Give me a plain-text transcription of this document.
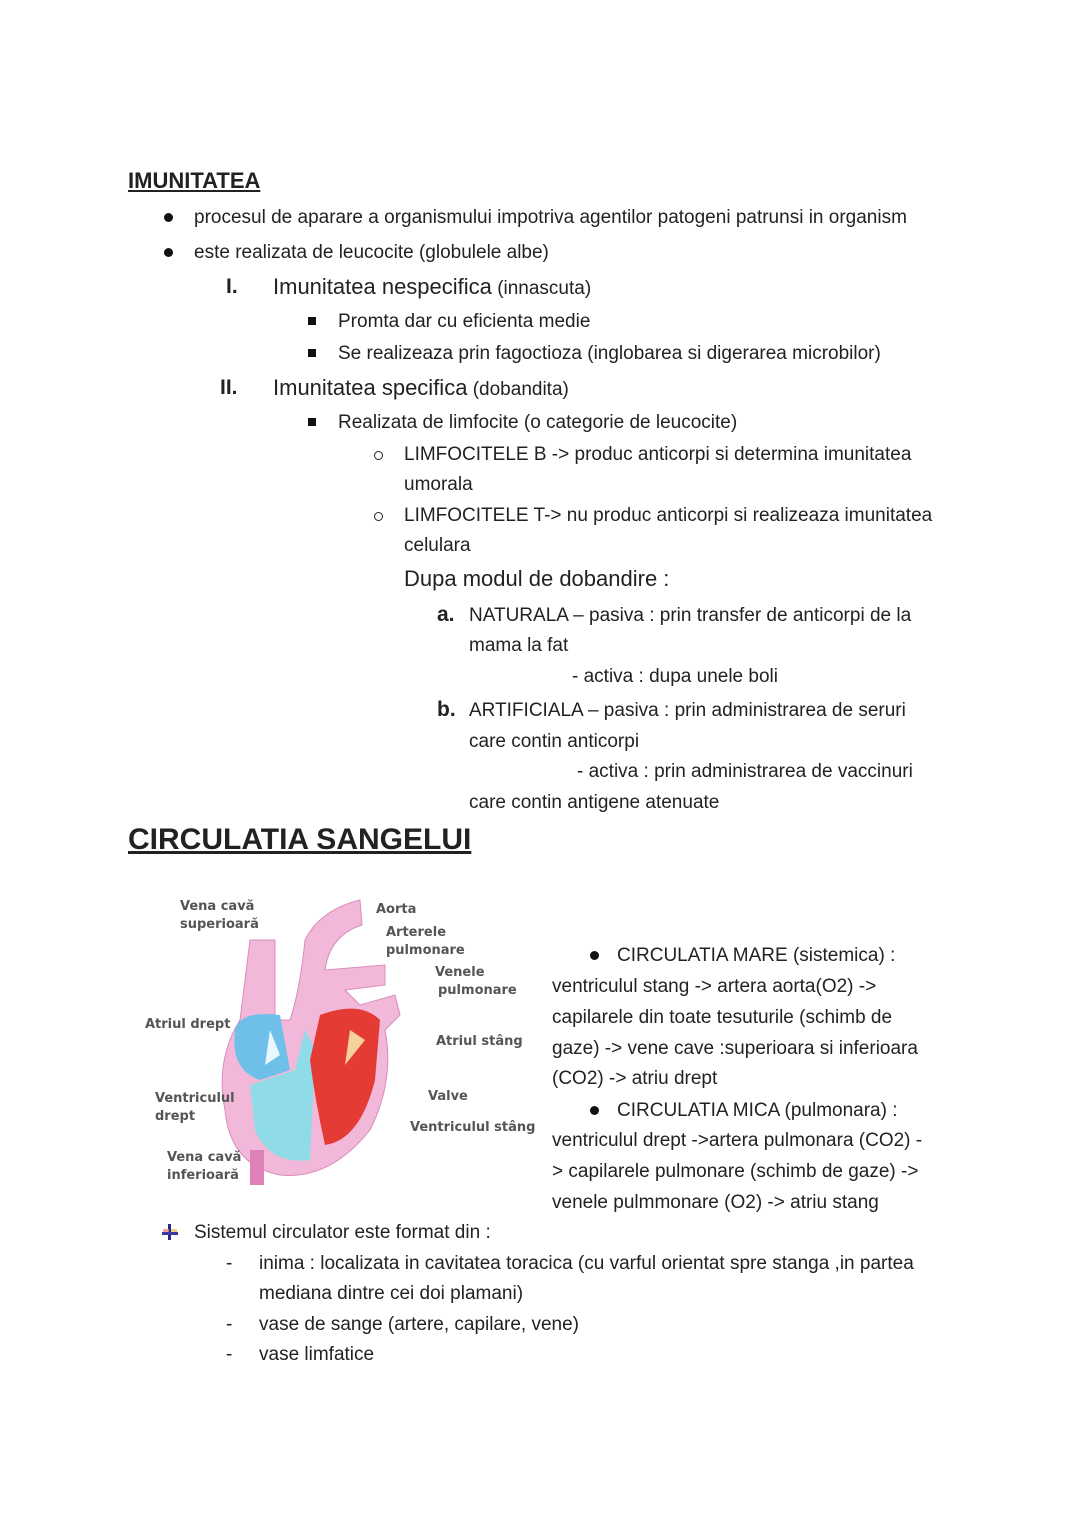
IMUNITATEA
procesul de aparare a organismului impotriva agentilor patogeni patrunsi in organism
este realizata de leucocite (globulele albe)
I. Imunitatea nespecifica (innascuta)
Promta dar cu eficienta medie
Se realizeaza prin fagoctioza (inglobarea si digerarea microbilor)
II. Imunitatea specifica (dobandita)
Realizata de limfocite (o categorie de leucocite)
LIMFOCITELE B -> produc anticorpi si determina imunitatea
umorala
LIMFOCITELE T-> nu produc anticorpi si realizeaza imunitatea
celulara
Dupa modul de dobandire :
a. NATURALA – pasiva : prin transfer de anticorpi de la
mama la fat
- activa : dupa unele boli
b. ARTIFICIALA – pasiva : prin administrarea de seruri
care contin anticorpi
- activa : prin administrarea de vaccinuri
care contin antigene atenuate
CIRCULATIA SANGELUI
Vena cavă
superioară
Aorta
Arterele
pulmonare
Venele
pulmonare
Atriul drept
Atriul stâng
Ventriculul
drept
Valve
Ventriculul stâng
Vena cavă
inferioară
CIRCULATIA MARE (sistemica) :
ventriculul stang -> artera aorta(O2) ->
capilarele din toate tesuturile (schimb de
gaze) -> vene cave :superioara si inferioara
(CO2) -> atriu drept
CIRCULATIA MICA (pulmonara) :
ventriculul drept ->artera pulmonara (CO2) -
> capilarele pulmonare (schimb de gaze) ->
venele pulmmonare (O2) -> atriu stang
Sistemul circulator este format din :
- inima : localizata in cavitatea toracica (cu varful orientat spre stanga ,in partea
mediana dintre cei doi plamani)
- vase de sange (artere, capilare, vene)
- vase limfatice
